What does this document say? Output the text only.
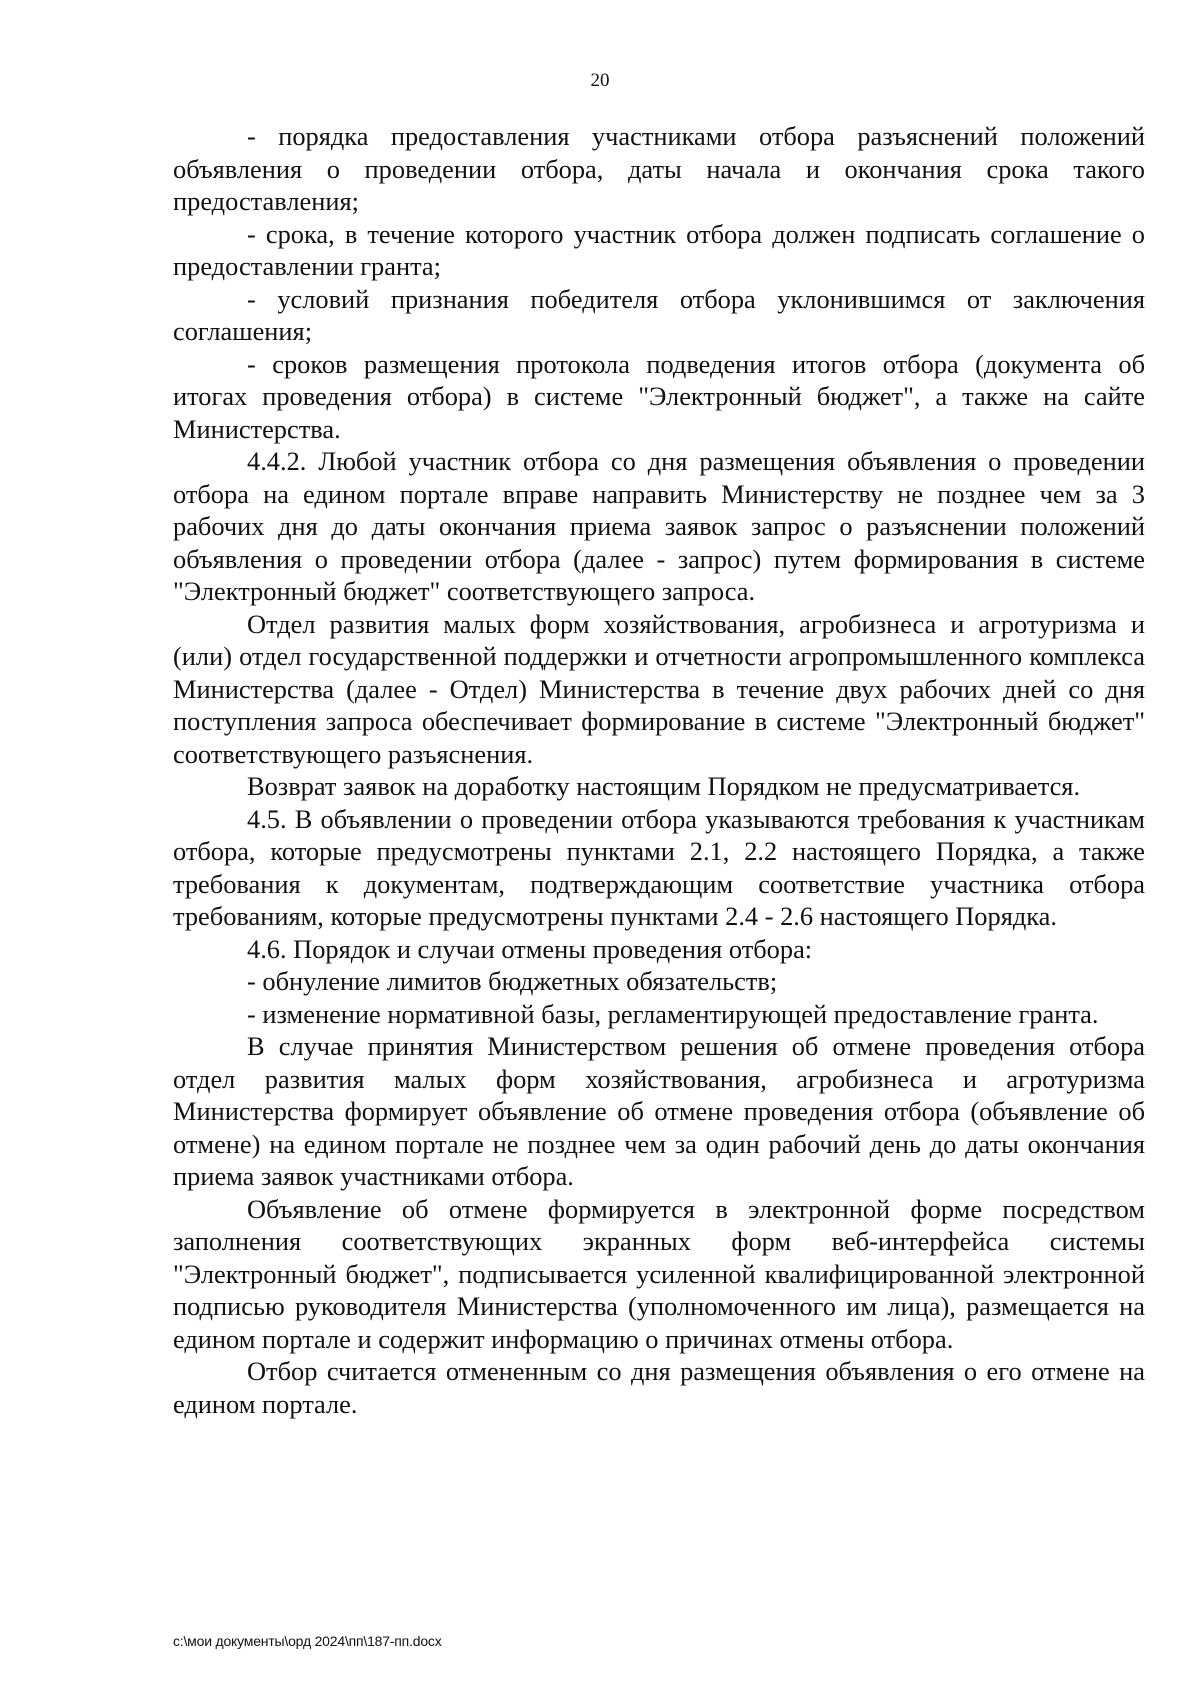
20

- порядка предоставления участниками отбора разъяснений положений объявления о проведении отбора, даты начала и окончания срока такого предоставления;

- срока, в течение которого участник отбора должен подписать соглашение о предоставлении гранта;

- условий признания победителя отбора уклонившимся от заключения соглашения;

- сроков размещения протокола подведения итогов отбора (документа об итогах проведения отбора) в системе "Электронный бюджет", а также на сайте Министерства.

4.4.2. Любой участник отбора со дня размещения объявления о проведении отбора на едином портале вправе направить Министерству не позднее чем за 3 рабочих дня до даты окончания приема заявок запрос о разъяснении положений объявления о проведении отбора (далее - запрос) путем формирования в системе "Электронный бюджет" соответствующего запроса.

Отдел развития малых форм хозяйствования, агробизнеса и агротуризма и (или) отдел государственной поддержки и отчетности агропромышленного комплекса Министерства (далее - Отдел) Министерства в течение двух рабочих дней со дня поступления запроса обеспечивает формирование в системе "Электронный бюджет" соответствующего разъяснения.

Возврат заявок на доработку настоящим Порядком не предусматривается.

4.5. В объявлении о проведении отбора указываются требования к участникам отбора, которые предусмотрены пунктами 2.1, 2.2 настоящего Порядка, а также требования к документам, подтверждающим соответствие участника отбора требованиям, которые предусмотрены пунктами 2.4 - 2.6 настоящего Порядка.

4.6. Порядок и случаи отмены проведения отбора:

- обнуление лимитов бюджетных обязательств;

- изменение нормативной базы, регламентирующей предоставление гранта.

В случае принятия Министерством решения об отмене проведения отбора отдел развития малых форм хозяйствования, агробизнеса и агротуризма Министерства формирует объявление об отмене проведения отбора (объявление об отмене) на едином портале не позднее чем за один рабочий день до даты окончания приема заявок участниками отбора.

Объявление об отмене формируется в электронной форме посредством заполнения соответствующих экранных форм веб-интерфейса системы "Электронный бюджет", подписывается усиленной квалифицированной электронной подписью руководителя Министерства (уполномоченного им лица), размещается на едином портале и содержит информацию о причинах отмены отбора.

Отбор считается отмененным со дня размещения объявления о его отмене на едином портале.

c:\мои документы\орд 2024\пп\187-пп.docx
